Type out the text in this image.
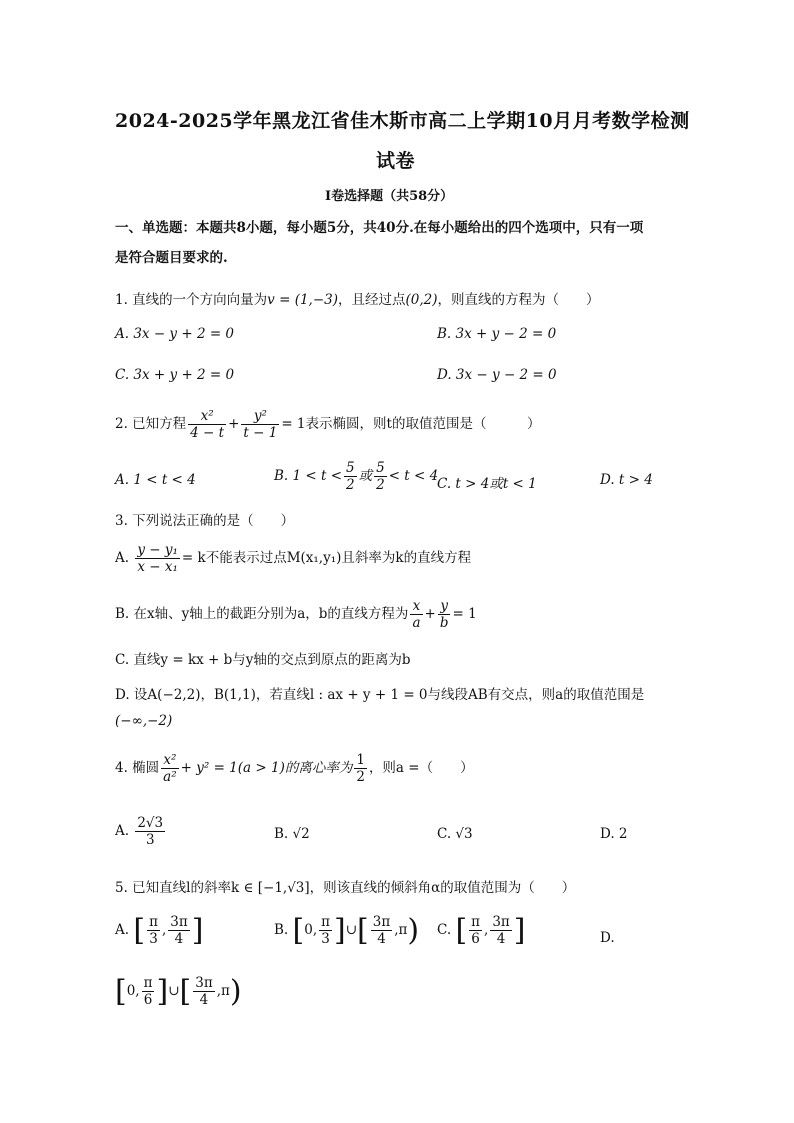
2024-2025学年黑龙江省佳木斯市高二上学期10月月考数学检测
试卷
I卷选择题（共58分）
一、单选题：本题共8小题，每小题5分，共40分.在每小题给出的四个选项中，只有一项
是符合题目要求的.
1. 直线的一个方向向量为v = (1,−3)，且经过点(0,2)，则直线的方程为（　　）
A. 3x − y + 2 = 0	B. 3x + y − 2 = 0
C. 3x + y + 2 = 0	D. 3x − y − 2 = 0
2. 已知方程 $\frac{\text{x²}}{4 - t} + \frac{\text{y²}}{t - 1} = 1$表示椭圆，则t的取值范围是（　　　）
A. 1 < t < 4	B. $1 < t < \frac{5}{2}$ 或 $\frac{5}{2} < t < 4$
C. t > 4或t < 1	D. t > 4
3. 下列说法正确的是（　　）
A. $\frac{\text{y − y₁}}{\text{x − x₁}} = k$不能表示过点M(x₁,y₁)且斜率为k的直线方程
B. 在x轴、y轴上的截距分别为a，b的直线方程为 $\frac{x}{a} + \frac{y}{b} = 1$
C. 直线y = kx + b与y轴的交点到原点的距离为b
D. 设A(−2,2)，B(1,1)，若直线l : ax + y + 1 = 0与线段AB有交点，则a的取值范围是
(−∞,−2)
4. 椭圆 $\frac{\text{x²}}{\text{a²}} + y^2 = 1(a > 1)$的离心率为 $\frac{1}{2}$ ，则a =（　　）
A. $\frac{2√3}{3}$	B. √2	C. √3	D. 2
5. 已知直线l的斜率k ∈ [−1,√3]，则该直线的倾斜角α的取值范围为（　　）
A. [ $\frac{\pi}{3}$ , $\frac{3\pi}{4}$ ]	B. [0, $\frac{\pi}{3}$ ]∪[ $\frac{3\pi}{4} ,\pi$) C. [ $\frac{\pi}{6}$ , $\frac{3\pi}{4}$ ]	D.
[0, $\frac{\pi}{6}$ ]∪[ $\frac{3\pi}{4} ,\pi$)
